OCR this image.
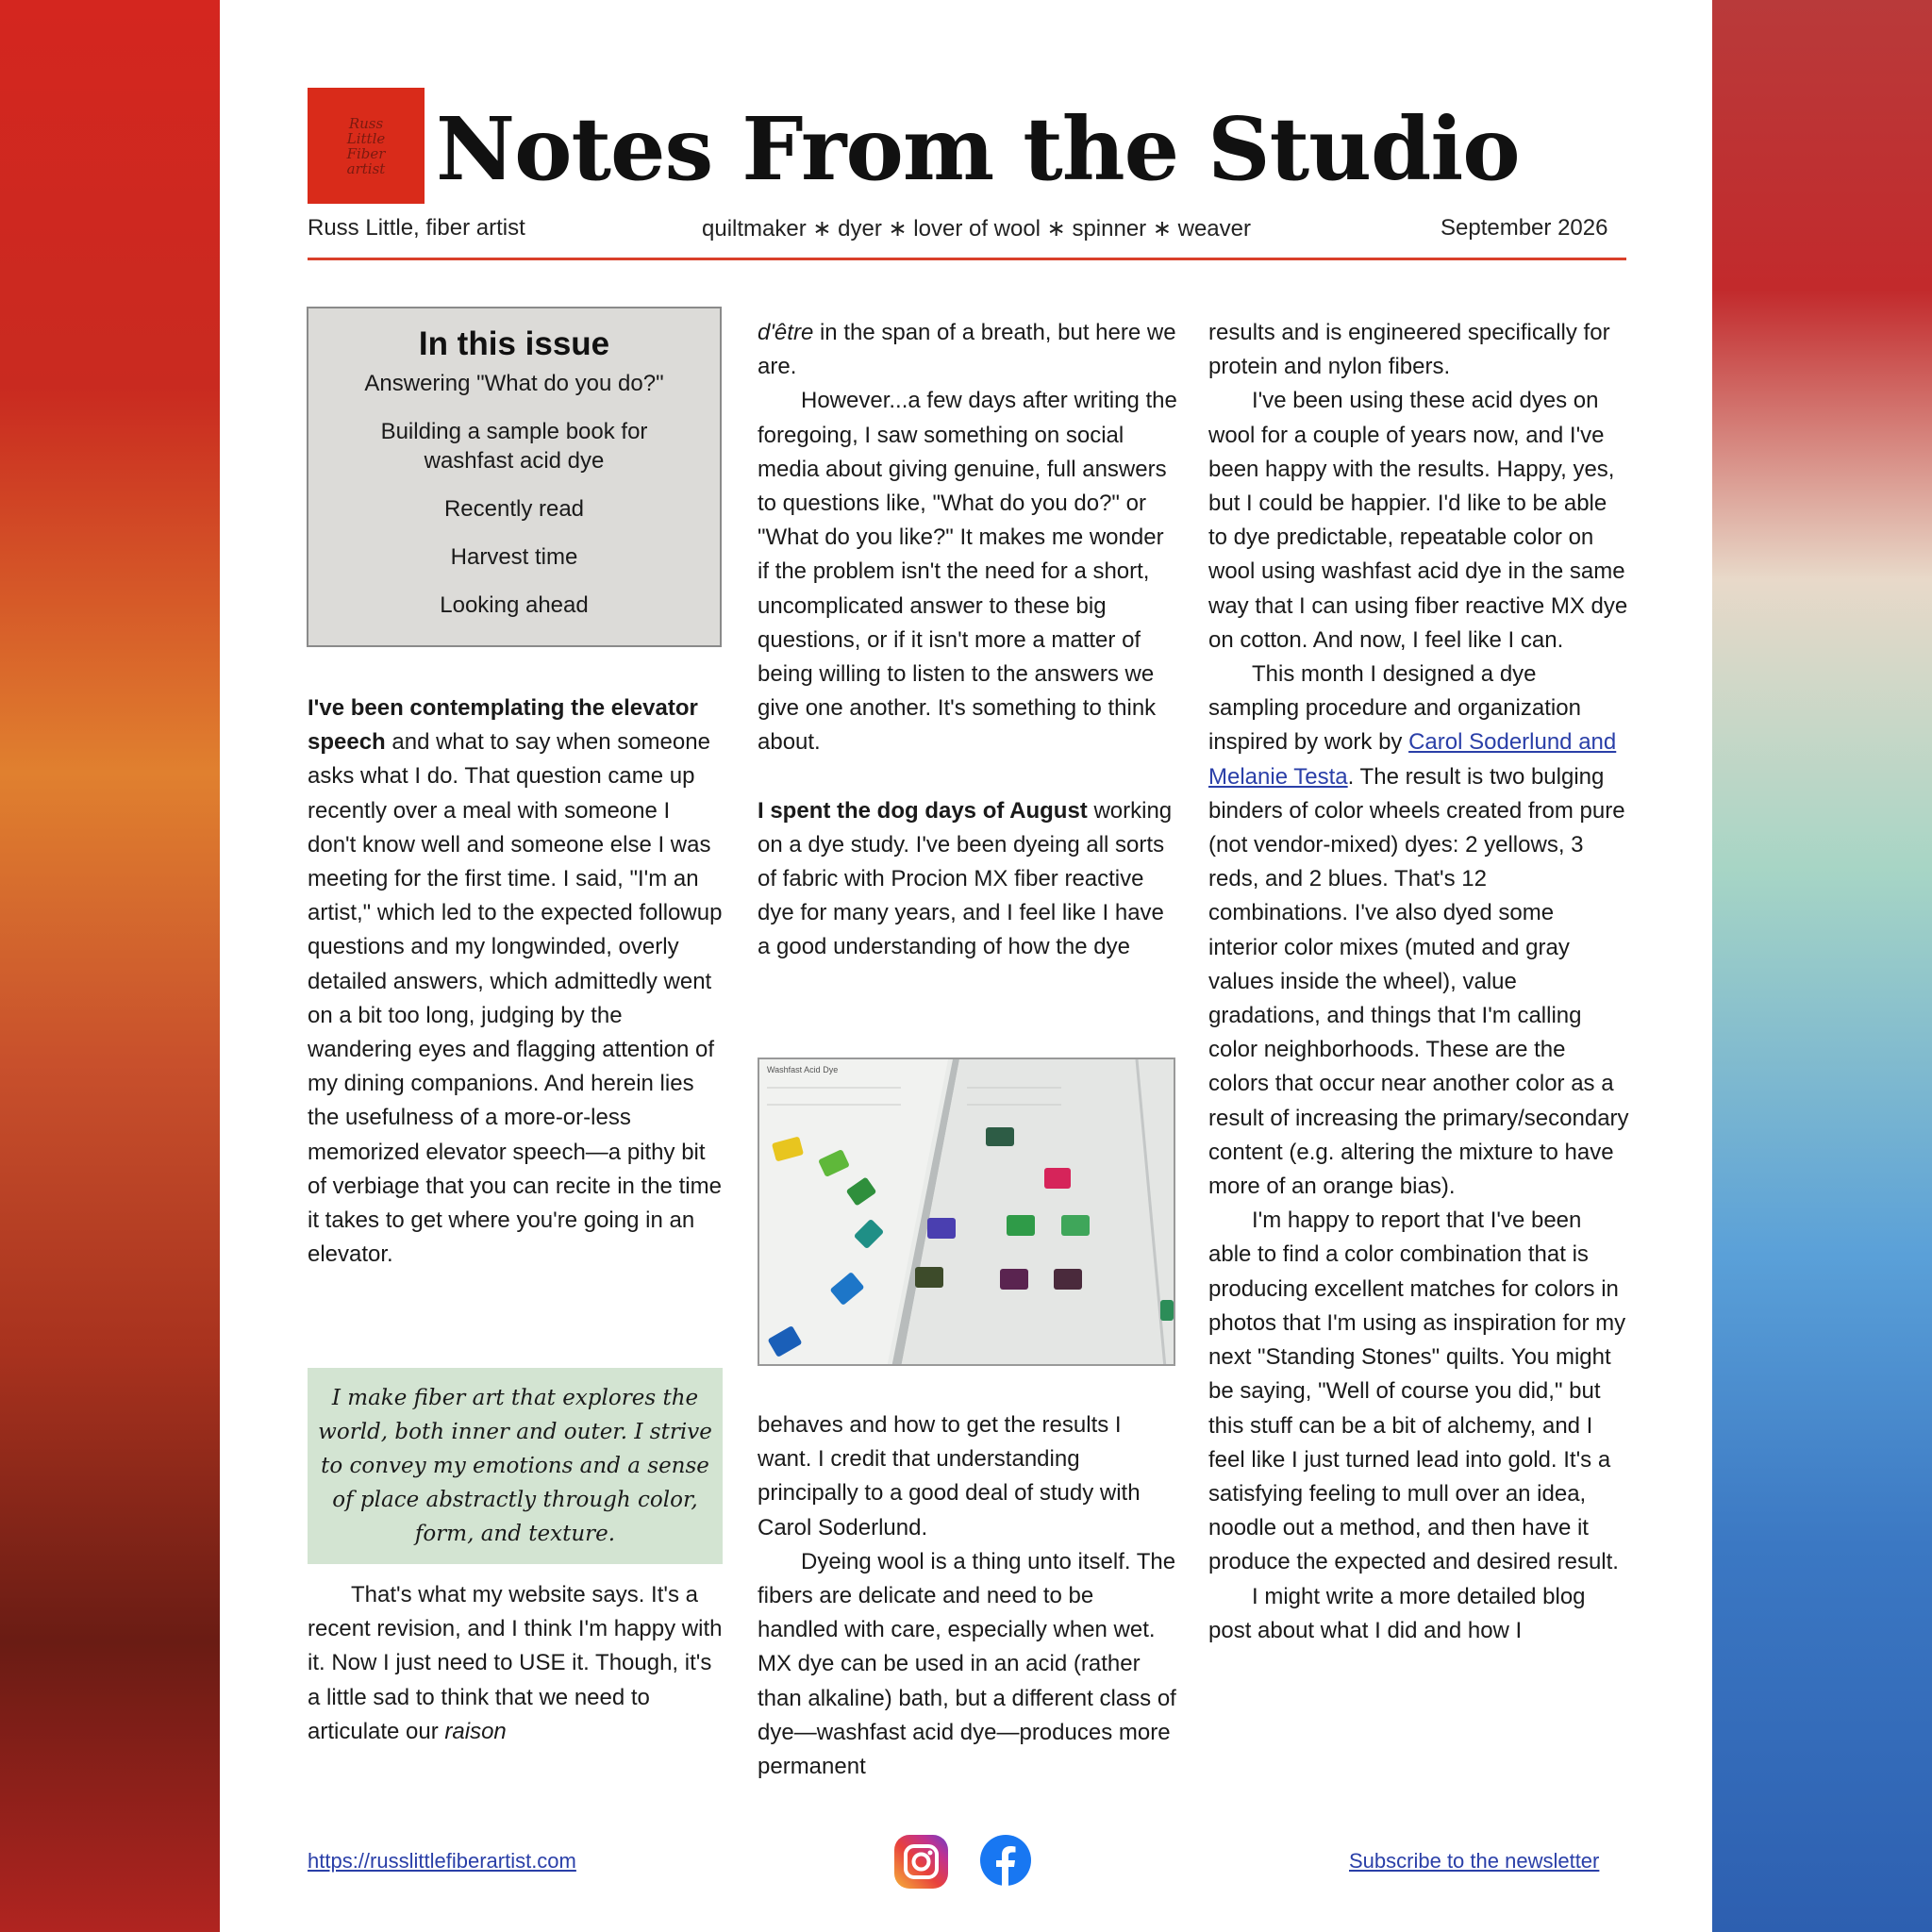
Russ
Little
Fiber
artist Notes From the Studio
Russ Little, fiber artist	quiltmaker ∗ dyer ∗ lover of wool ∗ spinner ∗ weaver	September 2026
In this issue
Answering "What do you do?"
Building a sample book for washfast acid dye
Recently read
Harvest time
Looking ahead

I've been contemplating the elevator speech and what to say when someone asks what I do. That question came up recently over a meal with someone I don't know well and someone else I was meeting for the first time. I said, "I'm an artist," which led to the expected followup questions and my longwinded, overly detailed answers, which admittedly went on a bit too long, judging by the wandering eyes and flagging attention of my dining companions. And herein lies the usefulness of a more-or-less memorized elevator speech—a pithy bit of verbiage that you can recite in the time it takes to get where you're going in an elevator.

I make fiber art that explores the world, both inner and outer. I strive to convey my emotions and a sense of place abstractly through color, form, and texture.

That's what my website says. It's a recent revision, and I think I'm happy with it. Now I just need to USE it. Though, it's a little sad to think that we need to articulate our raison

d'être in the span of a breath, but here we are.

However...a few days after writing the foregoing, I saw something on social media about giving genuine, full answers to questions like, "What do you do?" or "What do you like?" It makes me wonder if the problem isn't the need for a short, uncomplicated answer to these big questions, or if it isn't more a matter of being willing to listen to the answers we give one another. It's something to think about.

I spent the dog days of August working on a dye study. I've been dyeing all sorts of fabric with Procion MX fiber reactive dye for many years, and I feel like I have a good understanding of how the dye

Washfast Acid Dye

behaves and how to get the results I want. I credit that understanding principally to a good deal of study with Carol Soderlund.

Dyeing wool is a thing unto itself. The fibers are delicate and need to be handled with care, especially when wet. MX dye can be used in an acid (rather than alkaline) bath, but a different class of dye—washfast acid dye—produces more permanent

results and is engineered specifically for protein and nylon fibers.

I've been using these acid dyes on wool for a couple of years now, and I've been happy with the results. Happy, yes, but I could be happier. I'd like to be able to dye predictable, repeatable color on wool using washfast acid dye in the same way that I can using fiber reactive MX dye on cotton. And now, I feel like I can.

This month I designed a dye sampling procedure and organization inspired by work by Carol Soderlund and Melanie Testa. The result is two bulging binders of color wheels created from pure (not vendor-mixed) dyes: 2 yellows, 3 reds, and 2 blues. That's 12 combinations. I've also dyed some interior color mixes (muted and gray values inside the wheel), value gradations, and things that I'm calling color neighborhoods. These are the colors that occur near another color as a result of increasing the primary/secondary content (e.g. altering the mixture to have more of an orange bias).

I'm happy to report that I've been able to find a color combination that is producing excellent matches for colors in photos that I'm using as inspiration for my next "Standing Stones" quilts. You might be saying, "Well of course you did," but this stuff can be a bit of alchemy, and I feel like I just turned lead into gold. It's a satisfying feeling to mull over an idea, noodle out a method, and then have it produce the expected and desired result.

I might write a more detailed blog post about what I did and how I

https://russlittlefiberartist.com	Subscribe to the newsletter
